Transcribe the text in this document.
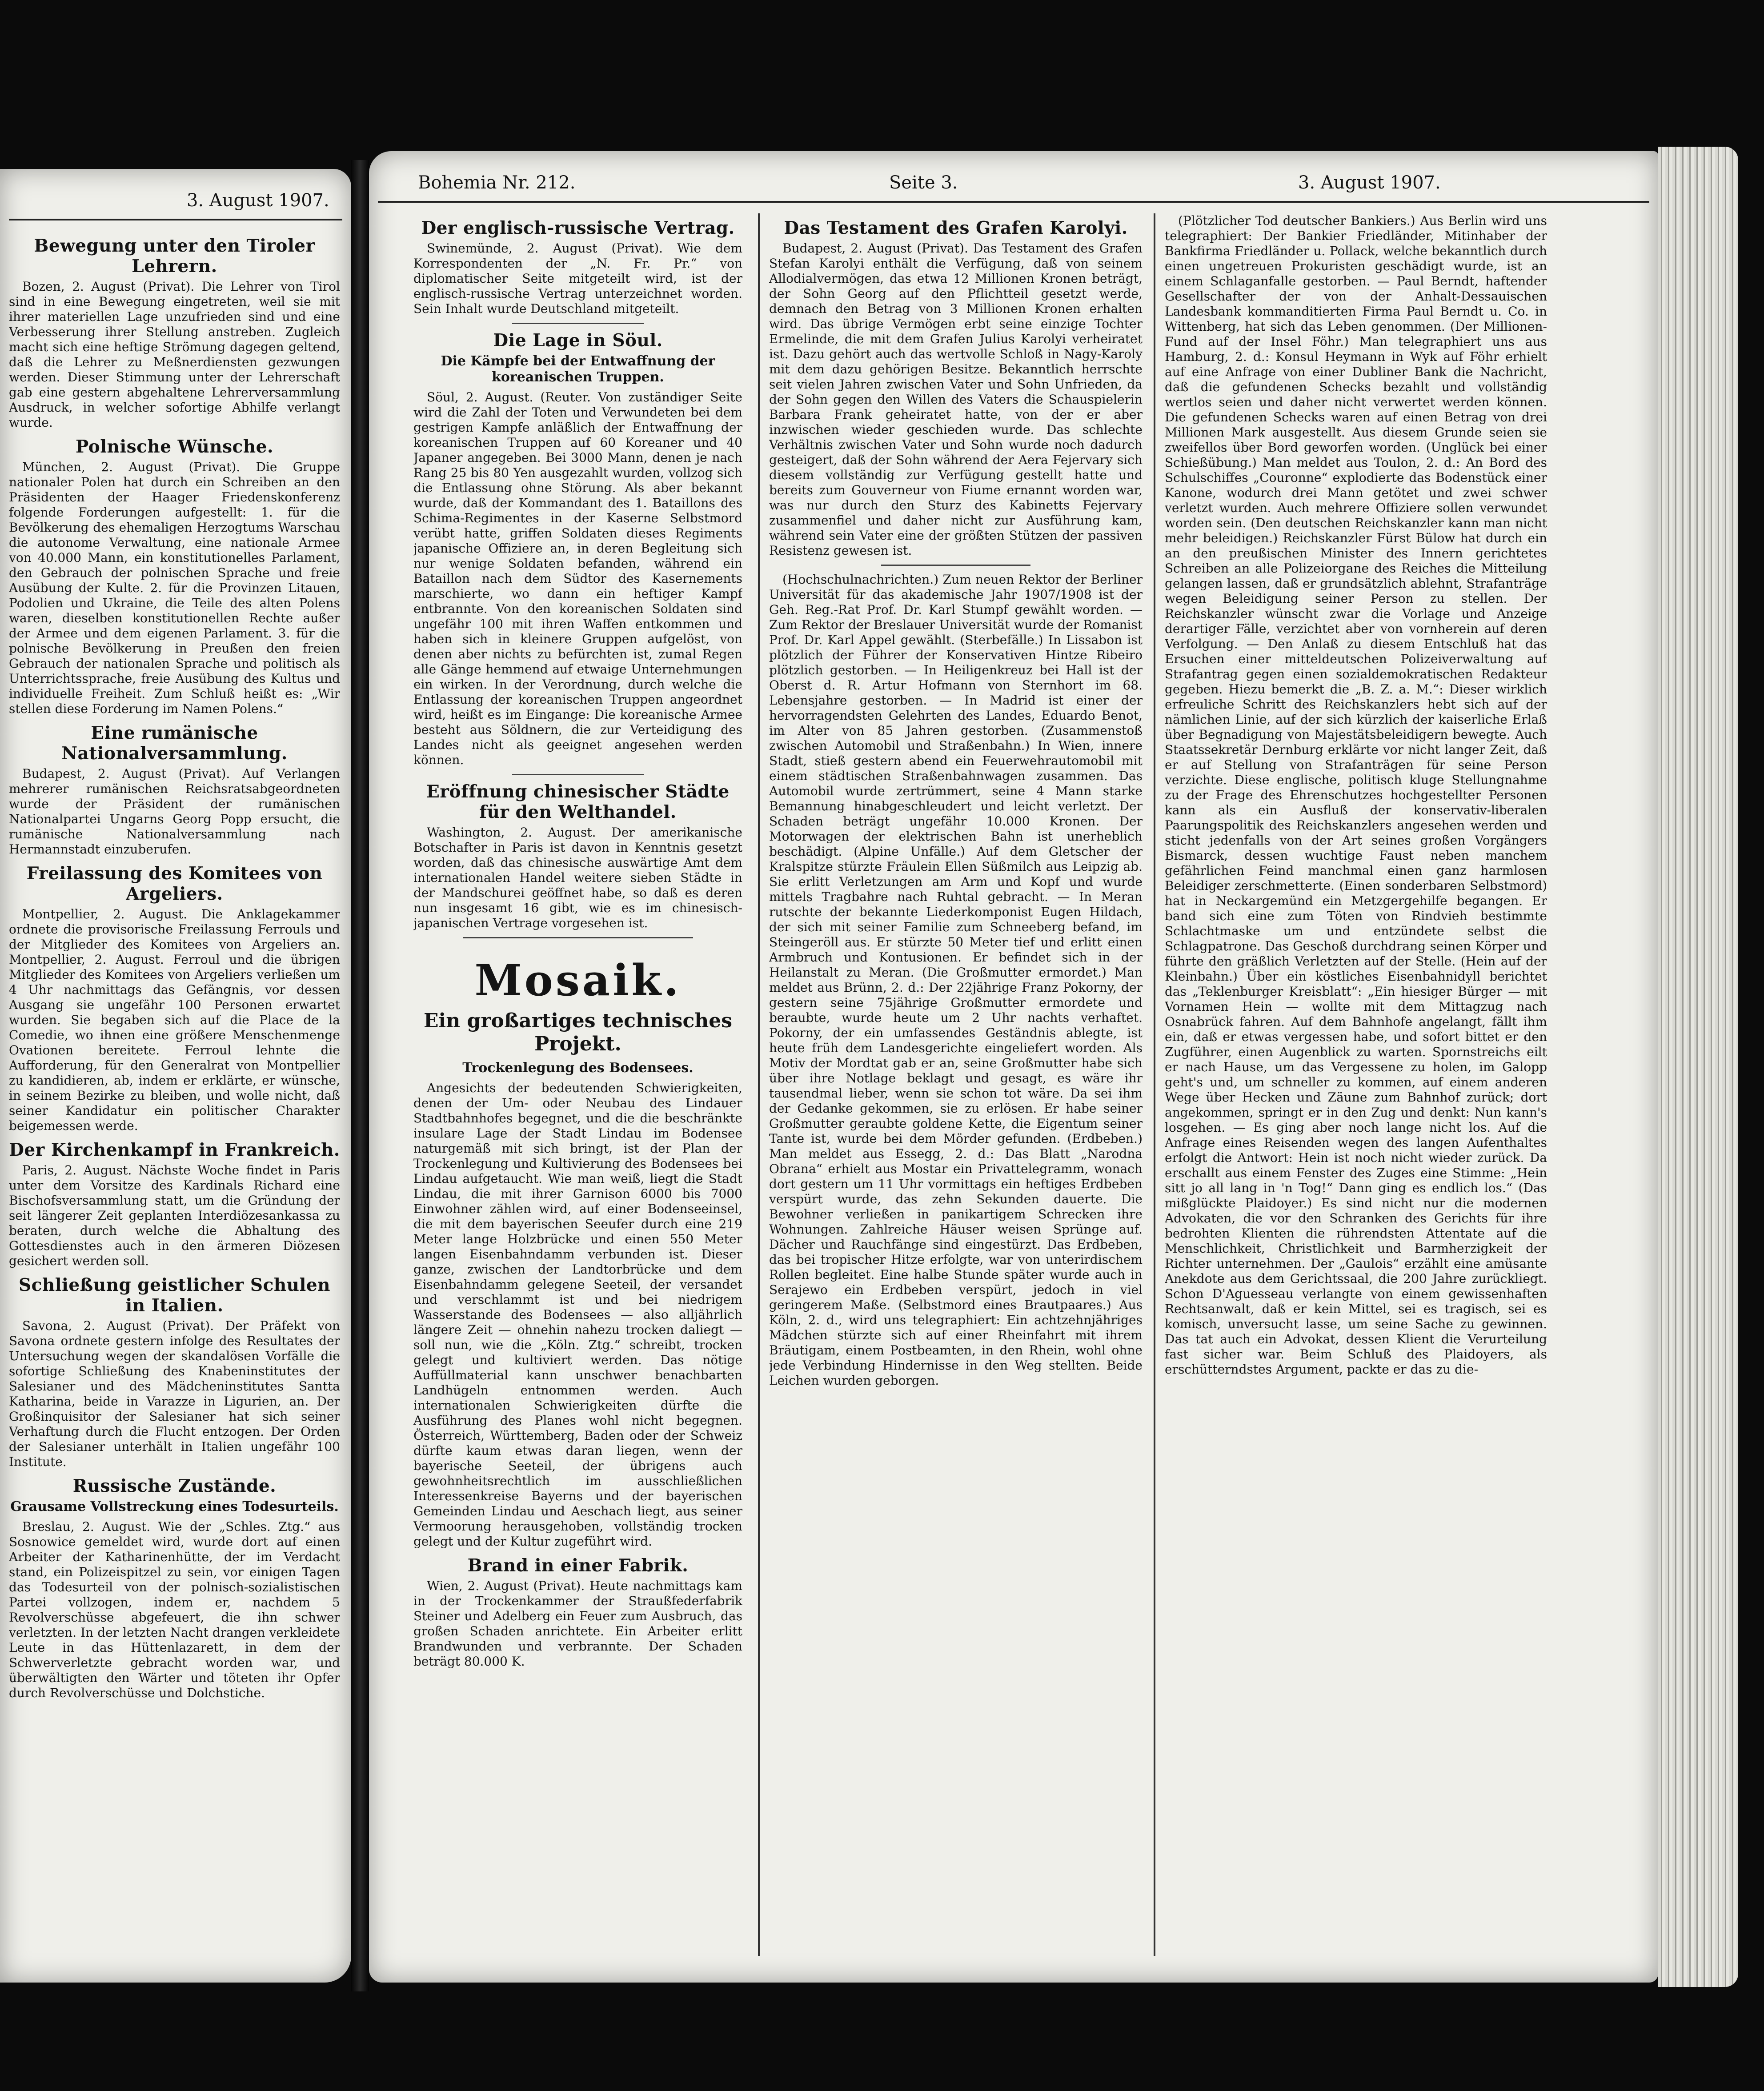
3. August 1907.
Bewegung unter den Tiroler Lehrern.

Bozen, 2. August (Privat). Die Lehrer von Tirol sind in eine Bewegung eingetreten, weil sie mit ihrer materiellen Lage unzufrieden sind und eine Verbesserung ihrer Stellung anstreben. Zugleich macht sich eine heftige Strömung dagegen geltend, daß die Lehrer zu Meßnerdiensten gezwungen werden. Dieser Stimmung unter der Lehrerschaft gab eine gestern abgehaltene Lehrerversammlung Ausdruck, in welcher sofortige Abhilfe verlangt wurde.

Polnische Wünsche.

München, 2. August (Privat). Die Gruppe nationaler Polen hat durch ein Schreiben an den Präsidenten der Haager Friedenskonferenz folgende Forderungen aufgestellt: 1. für die Bevölkerung des ehemaligen Herzogtums Warschau die autonome Verwaltung, eine nationale Armee von 40.000 Mann, ein konstitutionelles Parlament, den Gebrauch der polnischen Sprache und freie Ausübung der Kulte. 2. für die Provinzen Litauen, Podolien und Ukraine, die Teile des alten Polens waren, dieselben konstitutionellen Rechte außer der Armee und dem eigenen Parlament. 3. für die polnische Bevölkerung in Preußen den freien Gebrauch der nationalen Sprache und politisch als Unterrichtssprache, freie Ausübung des Kultus und individuelle Freiheit. Zum Schluß heißt es: „Wir stellen diese Forderung im Namen Polens.“

Eine rumänische Nationalversammlung.

Budapest, 2. August (Privat). Auf Verlangen mehrerer rumänischen Reichsratsabgeordneten wurde der Präsident der rumänischen Nationalpartei Ungarns Georg Popp ersucht, die rumänische Nationalversammlung nach Hermannstadt einzuberufen.

Freilassung des Komitees von Argeliers.

Montpellier, 2. August. Die Anklagekammer ordnete die provisorische Freilassung Ferrouls und der Mitglieder des Komitees von Argeliers an. Montpellier, 2. August. Ferroul und die übrigen Mitglieder des Komitees von Argeliers verließen um 4 Uhr nachmittags das Gefängnis, vor dessen Ausgang sie ungefähr 100 Personen erwartet wurden. Sie begaben sich auf die Place de la Comedie, wo ihnen eine größere Menschenmenge Ovationen bereitete. Ferroul lehnte die Aufforderung, für den Generalrat von Montpellier zu kandidieren, ab, indem er erklärte, er wünsche, in seinem Bezirke zu bleiben, und wolle nicht, daß seiner Kandidatur ein politischer Charakter beigemessen werde.

Der Kirchenkampf in Frankreich.

Paris, 2. August. Nächste Woche findet in Paris unter dem Vorsitze des Kardinals Richard eine Bischofsversammlung statt, um die Gründung der seit längerer Zeit geplanten Interdiözesankassa zu beraten, durch welche die Abhaltung des Gottesdienstes auch in den ärmeren Diözesen gesichert werden soll.

Schließung geistlicher Schulen in Italien.

Savona, 2. August (Privat). Der Präfekt von Savona ordnete gestern infolge des Resultates der Untersuchung wegen der skandalösen Vorfälle die sofortige Schließung des Knabeninstitutes der Salesianer und des Mädcheninstitutes Santta Katharina, beide in Varazze in Ligurien, an. Der Großinquisitor der Salesianer hat sich seiner Verhaftung durch die Flucht entzogen. Der Orden der Salesianer unterhält in Italien ungefähr 100 Institute.

Russische Zustände.
Grausame Vollstreckung eines Todesurteils.

Breslau, 2. August. Wie der „Schles. Ztg.“ aus Sosnowice gemeldet wird, wurde dort auf einen Arbeiter der Katharinenhütte, der im Verdacht stand, ein Polizeispitzel zu sein, vor einigen Tagen das Todesurteil von der polnisch-sozialistischen Partei vollzogen, indem er, nachdem 5 Revolverschüsse abgefeuert, die ihn schwer verletzten. In der letzten Nacht drangen verkleidete Leute in das Hüttenlazarett, in dem der Schwerverletzte gebracht worden war, und überwältigten den Wärter und töteten ihr Opfer durch Revolverschüsse und Dolchstiche.

Bohemia Nr. 212.	Seite 3.	3. August 1907.
Der englisch-russische Vertrag.

Swinemünde, 2. August (Privat). Wie dem Korrespondenten der „N. Fr. Pr.“ von diplomatischer Seite mitgeteilt wird, ist der englisch-russische Vertrag unterzeichnet worden. Sein Inhalt wurde Deutschland mitgeteilt.

Die Lage in Söul.
Die Kämpfe bei der Entwaffnung der koreanischen Truppen.

Söul, 2. August. (Reuter. Von zuständiger Seite wird die Zahl der Toten und Verwundeten bei dem gestrigen Kampfe anläßlich der Entwaffnung der koreanischen Truppen auf 60 Koreaner und 40 Japaner angegeben. Bei 3000 Mann, denen je nach Rang 25 bis 80 Yen ausgezahlt wurden, vollzog sich die Entlassung ohne Störung. Als aber bekannt wurde, daß der Kommandant des 1. Bataillons des Schima-Regimentes in der Kaserne Selbstmord verübt hatte, griffen Soldaten dieses Regiments japanische Offiziere an, in deren Begleitung sich nur wenige Soldaten befanden, während ein Bataillon nach dem Südtor des Kasernements marschierte, wo dann ein heftiger Kampf entbrannte. Von den koreanischen Soldaten sind ungefähr 100 mit ihren Waffen entkommen und haben sich in kleinere Gruppen aufgelöst, von denen aber nichts zu befürchten ist, zumal Regen alle Gänge hemmend auf etwaige Unternehmungen ein wirken. In der Verordnung, durch welche die Entlassung der koreanischen Truppen angeordnet wird, heißt es im Eingange: Die koreanische Armee besteht aus Söldnern, die zur Verteidigung des Landes nicht als geeignet angesehen werden können.

Eröffnung chinesischer Städte für den Welthandel.

Washington, 2. August. Der amerikanische Botschafter in Paris ist davon in Kenntnis gesetzt worden, daß das chinesische auswärtige Amt dem internationalen Handel weitere sieben Städte in der Mandschurei geöffnet habe, so daß es deren nun insgesamt 16 gibt, wie es im chinesisch-japanischen Vertrage vorgesehen ist.

Mosaik.
Ein großartiges technisches Projekt.
Trockenlegung des Bodensees.

Angesichts der bedeutenden Schwierigkeiten, denen der Um- oder Neubau des Lindauer Stadtbahnhofes begegnet, und die die beschränkte insulare Lage der Stadt Lindau im Bodensee naturgemäß mit sich bringt, ist der Plan der Trockenlegung und Kultivierung des Bodensees bei Lindau aufgetaucht. Wie man weiß, liegt die Stadt Lindau, die mit ihrer Garnison 6000 bis 7000 Einwohner zählen wird, auf einer Bodenseeinsel, die mit dem bayerischen Seeufer durch eine 219 Meter lange Holzbrücke und einen 550 Meter langen Eisenbahndamm verbunden ist. Dieser ganze, zwischen der Landtorbrücke und dem Eisenbahndamm gelegene Seeteil, der versandet und verschlammt ist und bei niedrigem Wasserstande des Bodensees — also alljährlich längere Zeit — ohnehin nahezu trocken daliegt — soll nun, wie die „Köln. Ztg.“ schreibt, trocken gelegt und kultiviert werden. Das nötige Auffüllmaterial kann unschwer benachbarten Landhügeln entnommen werden. Auch internationalen Schwierigkeiten dürfte die Ausführung des Planes wohl nicht begegnen. Österreich, Württemberg, Baden oder der Schweiz dürfte kaum etwas daran liegen, wenn der bayerische Seeteil, der übrigens auch gewohnheitsrechtlich im ausschließlichen Interessenkreise Bayerns und der bayerischen Gemeinden Lindau und Aeschach liegt, aus seiner Vermoorung herausgehoben, vollständig trocken gelegt und der Kultur zugeführt wird.

Brand in einer Fabrik.

Wien, 2. August (Privat). Heute nachmittags kam in der Trockenkammer der Straußfederfabrik Steiner und Adelberg ein Feuer zum Ausbruch, das großen Schaden anrichtete. Ein Arbeiter erlitt Brandwunden und verbrannte. Der Schaden beträgt 80.000 K.

Das Testament des Grafen Karolyi.

Budapest, 2. August (Privat). Das Testament des Grafen Stefan Karolyi enthält die Verfügung, daß von seinem Allodialvermögen, das etwa 12 Millionen Kronen beträgt, der Sohn Georg auf den Pflichtteil gesetzt werde, demnach den Betrag von 3 Millionen Kronen erhalten wird. Das übrige Vermögen erbt seine einzige Tochter Ermelinde, die mit dem Grafen Julius Karolyi verheiratet ist. Dazu gehört auch das wertvolle Schloß in Nagy-Karoly mit dem dazu gehörigen Besitze. Bekanntlich herrschte seit vielen Jahren zwischen Vater und Sohn Unfrieden, da der Sohn gegen den Willen des Vaters die Schauspielerin Barbara Frank geheiratet hatte, von der er aber inzwischen wieder geschieden wurde. Das schlechte Verhältnis zwischen Vater und Sohn wurde noch dadurch gesteigert, daß der Sohn während der Aera Fejervary sich diesem vollständig zur Verfügung gestellt hatte und bereits zum Gouverneur von Fiume ernannt worden war, was nur durch den Sturz des Kabinetts Fejervary zusammenfiel und daher nicht zur Ausführung kam, während sein Vater eine der größten Stützen der passiven Resistenz gewesen ist.

(Hochschulnachrichten.) Zum neuen Rektor der Berliner Universität für das akademische Jahr 1907/1908 ist der Geh. Reg.-Rat Prof. Dr. Karl Stumpf gewählt worden. — Zum Rektor der Breslauer Universität wurde der Romanist Prof. Dr. Karl Appel gewählt. (Sterbefälle.) In Lissabon ist plötzlich der Führer der Konservativen Hintze Ribeiro plötzlich gestorben. — In Heiligenkreuz bei Hall ist der Oberst d. R. Artur Hofmann von Sternhort im 68. Lebensjahre gestorben. — In Madrid ist einer der hervorragendsten Gelehrten des Landes, Eduardo Benot, im Alter von 85 Jahren gestorben. (Zusammenstoß zwischen Automobil und Straßenbahn.) In Wien, innere Stadt, stieß gestern abend ein Feuerwehrautomobil mit einem städtischen Straßenbahnwagen zusammen. Das Automobil wurde zertrümmert, seine 4 Mann starke Bemannung hinabgeschleudert und leicht verletzt. Der Schaden beträgt ungefähr 10.000 Kronen. Der Motorwagen der elektrischen Bahn ist unerheblich beschädigt. (Alpine Unfälle.) Auf dem Gletscher der Kralspitze stürzte Fräulein Ellen Süßmilch aus Leipzig ab. Sie erlitt Verletzungen am Arm und Kopf und wurde mittels Tragbahre nach Ruhtal gebracht. — In Meran rutschte der bekannte Liederkomponist Eugen Hildach, der sich mit seiner Familie zum Schneeberg befand, im Steingeröll aus. Er stürzte 50 Meter tief und erlitt einen Armbruch und Kontusionen. Er befindet sich in der Heilanstalt zu Meran. (Die Großmutter ermordet.) Man meldet aus Brünn, 2. d.: Der 22jährige Franz Pokorny, der gestern seine 75jährige Großmutter ermordete und beraubte, wurde heute um 2 Uhr nachts verhaftet. Pokorny, der ein umfassendes Geständnis ablegte, ist heute früh dem Landesgerichte eingeliefert worden. Als Motiv der Mordtat gab er an, seine Großmutter habe sich über ihre Notlage beklagt und gesagt, es wäre ihr tausendmal lieber, wenn sie schon tot wäre. Da sei ihm der Gedanke gekommen, sie zu erlösen. Er habe seiner Großmutter geraubte goldene Kette, die Eigentum seiner Tante ist, wurde bei dem Mörder gefunden. (Erdbeben.) Man meldet aus Essegg, 2. d.: Das Blatt „Narodna Obrana“ erhielt aus Mostar ein Privattelegramm, wonach dort gestern um 11 Uhr vormittags ein heftiges Erdbeben verspürt wurde, das zehn Sekunden dauerte. Die Bewohner verließen in panikartigem Schrecken ihre Wohnungen. Zahlreiche Häuser weisen Sprünge auf. Dächer und Rauchfänge sind eingestürzt. Das Erdbeben, das bei tropischer Hitze erfolgte, war von unterirdischem Rollen begleitet. Eine halbe Stunde später wurde auch in Serajewo ein Erdbeben verspürt, jedoch in viel geringerem Maße. (Selbstmord eines Brautpaares.) Aus Köln, 2. d., wird uns telegraphiert: Ein achtzehnjähriges Mädchen stürzte sich auf einer Rheinfahrt mit ihrem Bräutigam, einem Postbeamten, in den Rhein, wohl ohne jede Verbindung Hindernisse in den Weg stellten. Beide Leichen wurden geborgen.

(Plötzlicher Tod deutscher Bankiers.) Aus Berlin wird uns telegraphiert: Der Bankier Friedländer, Mitinhaber der Bankfirma Friedländer u. Pollack, welche bekanntlich durch einen ungetreuen Prokuristen geschädigt wurde, ist an einem Schlaganfalle gestorben. — Paul Berndt, haftender Gesellschafter der von der Anhalt-Dessauischen Landesbank kommanditierten Firma Paul Berndt u. Co. in Wittenberg, hat sich das Leben genommen. (Der Millionen-Fund auf der Insel Föhr.) Man telegraphiert uns aus Hamburg, 2. d.: Konsul Heymann in Wyk auf Föhr erhielt auf eine Anfrage von einer Dubliner Bank die Nachricht, daß die gefundenen Schecks bezahlt und vollständig wertlos seien und daher nicht verwertet werden können. Die gefundenen Schecks waren auf einen Betrag von drei Millionen Mark ausgestellt. Aus diesem Grunde seien sie zweifellos über Bord geworfen worden. (Unglück bei einer Schießübung.) Man meldet aus Toulon, 2. d.: An Bord des Schulschiffes „Couronne“ explodierte das Bodenstück einer Kanone, wodurch drei Mann getötet und zwei schwer verletzt wurden. Auch mehrere Offiziere sollen verwundet worden sein. (Den deutschen Reichskanzler kann man nicht mehr beleidigen.) Reichskanzler Fürst Bülow hat durch ein an den preußischen Minister des Innern gerichtetes Schreiben an alle Polizeiorgane des Reiches die Mitteilung gelangen lassen, daß er grundsätzlich ablehnt, Strafanträge wegen Beleidigung seiner Person zu stellen. Der Reichskanzler wünscht zwar die Vorlage und Anzeige derartiger Fälle, verzichtet aber von vornherein auf deren Verfolgung. — Den Anlaß zu diesem Entschluß hat das Ersuchen einer mitteldeutschen Polizeiverwaltung auf Strafantrag gegen einen sozialdemokratischen Redakteur gegeben. Hiezu bemerkt die „B. Z. a. M.“: Dieser wirklich erfreuliche Schritt des Reichskanzlers hebt sich auf der nämlichen Linie, auf der sich kürzlich der kaiserliche Erlaß über Begnadigung von Majestätsbeleidigern bewegte. Auch Staatssekretär Dernburg erklärte vor nicht langer Zeit, daß er auf Stellung von Strafanträgen für seine Person verzichte. Diese englische, politisch kluge Stellungnahme zu der Frage des Ehrenschutzes hochgestellter Personen kann als ein Ausfluß der konservativ-liberalen Paarungspolitik des Reichskanzlers angesehen werden und sticht jedenfalls von der Art seines großen Vorgängers Bismarck, dessen wuchtige Faust neben manchem gefährlichen Feind manchmal einen ganz harmlosen Beleidiger zerschmetterte. (Einen sonderbaren Selbstmord) hat in Neckargemünd ein Metzgergehilfe begangen. Er band sich eine zum Töten von Rindvieh bestimmte Schlachtmaske um und entzündete selbst die Schlagpatrone. Das Geschoß durchdrang seinen Körper und führte den gräßlich Verletzten auf der Stelle. (Hein auf der Kleinbahn.) Über ein köstliches Eisenbahnidyll berichtet das „Teklenburger Kreisblatt“: „Ein hiesiger Bürger — mit Vornamen Hein — wollte mit dem Mittagzug nach Osnabrück fahren. Auf dem Bahnhofe angelangt, fällt ihm ein, daß er etwas vergessen habe, und sofort bittet er den Zugführer, einen Augenblick zu warten. Spornstreichs eilt er nach Hause, um das Vergessene zu holen, im Galopp geht's und, um schneller zu kommen, auf einem anderen Wege über Hecken und Zäune zum Bahnhof zurück; dort angekommen, springt er in den Zug und denkt: Nun kann's losgehen. — Es ging aber noch lange nicht los. Auf die Anfrage eines Reisenden wegen des langen Aufenthaltes erfolgt die Antwort: Hein ist noch nicht wieder zurück. Da erschallt aus einem Fenster des Zuges eine Stimme: „Hein sitt jo all lang in 'n Tog!“ Dann ging es endlich los.“ (Das mißglückte Plaidoyer.) Es sind nicht nur die modernen Advokaten, die vor den Schranken des Gerichts für ihre bedrohten Klienten die rührendsten Attentate auf die Menschlichkeit, Christlichkeit und Barmherzigkeit der Richter unternehmen. Der „Gaulois“ erzählt eine amüsante Anekdote aus dem Gerichtssaal, die 200 Jahre zurückliegt. Schon D'Aguesseau verlangte von einem gewissenhaften Rechtsanwalt, daß er kein Mittel, sei es tragisch, sei es komisch, unversucht lasse, um seine Sache zu gewinnen. Das tat auch ein Advokat, dessen Klient die Verurteilung fast sicher war. Beim Schluß des Plaidoyers, als erschütterndstes Argument, packte er das zu die-
